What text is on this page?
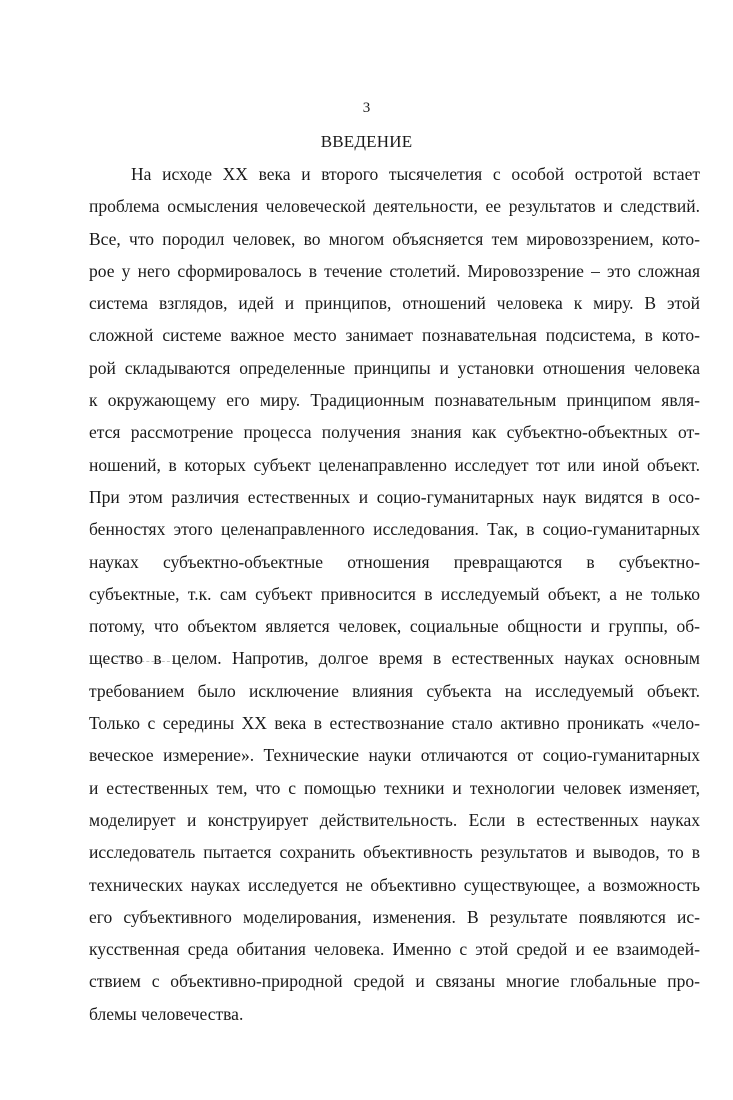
3
ВВЕДЕНИЕ
На исходе XX века и второго тысячелетия с особой остротой встает
проблема осмысления человеческой деятельности, ее результатов и следствий.
Все, что породил человек, во многом объясняется тем мировоззрением, кото-
рое у него сформировалось в течение столетий. Мировоззрение – это сложная
система взглядов, идей и принципов, отношений человека к миру. В этой
сложной системе важное место занимает познавательная подсистема, в кото-
рой складываются определенные принципы и установки отношения человека
к окружающему его миру. Традиционным познавательным принципом явля-
ется рассмотрение процесса получения знания как субъектно-объектных от-
ношений, в которых субъект целенаправленно исследует тот или иной объект.
При этом различия естественных и социо-гуманитарных наук видятся в осо-
бенностях этого целенаправленного исследования. Так, в социо-гуманитарных
науках субъектно-объектные отношения превращаются в субъектно-
субъектные, т.к. сам субъект привносится в исследуемый объект, а не только
потому, что объектом является человек, социальные общности и группы, об-
щество в целом. Напротив, долгое время в естественных науках основным
требованием было исключение влияния субъекта на исследуемый объект.
Только с середины XX века в естествознание стало активно проникать «чело-
веческое измерение». Технические науки отличаются от социо-гуманитарных
и естественных тем, что с помощью техники и технологии человек изменяет,
моделирует и конструирует действительность. Если в естественных науках
исследователь пытается сохранить объективность результатов и выводов, то в
технических науках исследуется не объективно существующее, а возможность
его субъективного моделирования, изменения. В результате появляются ис-
кусственная среда обитания человека. Именно с этой средой и ее взаимодей-
ствием с объективно-природной средой и связаны многие глобальные про-
блемы человечества.
